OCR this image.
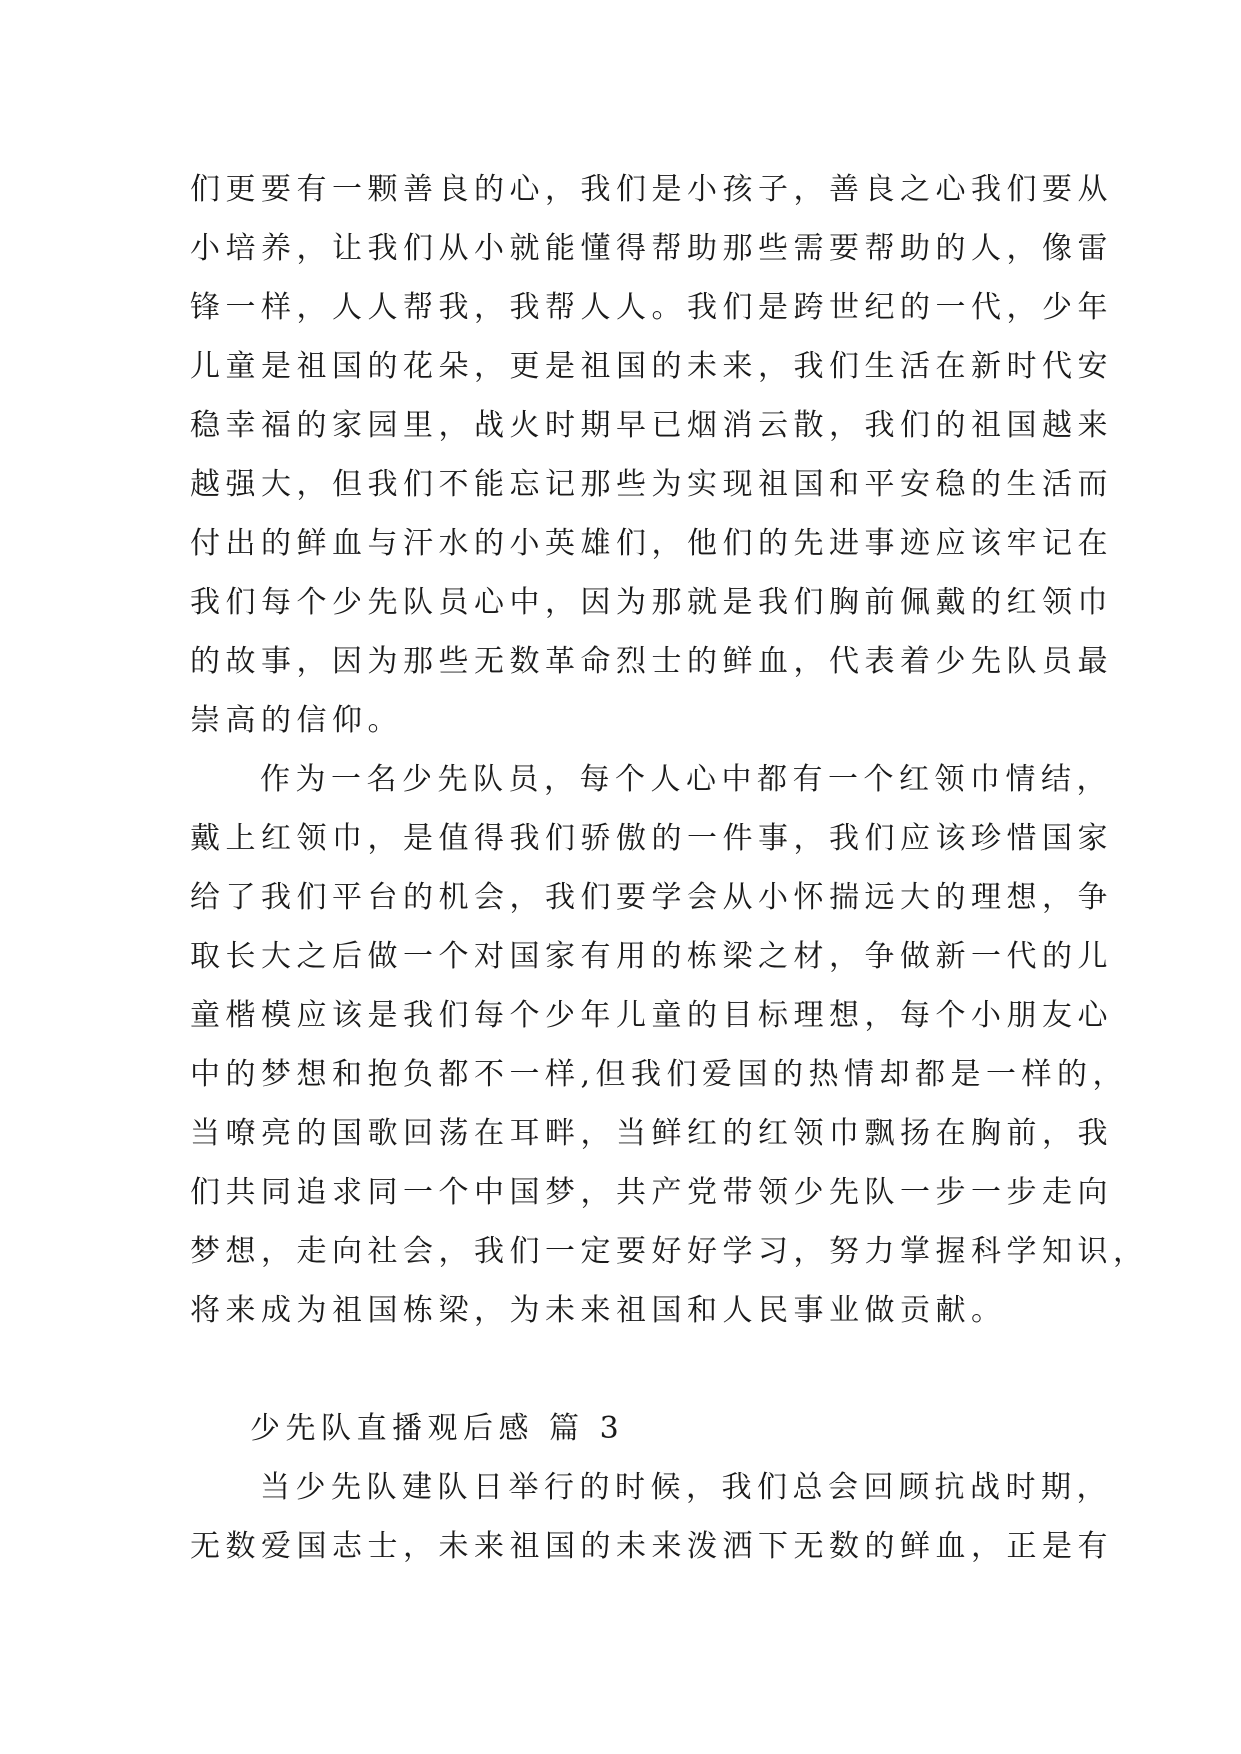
们更要有一颗善良的心，我们是小孩子，善良之心我们要从
小培养，让我们从小就能懂得帮助那些需要帮助的人，像雷
锋一样，人人帮我，我帮人人。我们是跨世纪的一代，少年
儿童是祖国的花朵，更是祖国的未来，我们生活在新时代安
稳幸福的家园里，战火时期早已烟消云散，我们的祖国越来
越强大，但我们不能忘记那些为实现祖国和平安稳的生活而
付出的鲜血与汗水的小英雄们，他们的先进事迹应该牢记在
我们每个少先队员心中，因为那就是我们胸前佩戴的红领巾
的故事，因为那些无数革命烈士的鲜血，代表着少先队员最
崇高的信仰。
作为一名少先队员，每个人心中都有一个红领巾情结，
戴上红领巾，是值得我们骄傲的一件事，我们应该珍惜国家
给了我们平台的机会，我们要学会从小怀揣远大的理想，争
取长大之后做一个对国家有用的栋梁之材，争做新一代的儿
童楷模应该是我们每个少年儿童的目标理想，每个小朋友心
中的梦想和抱负都不一样,但我们爱国的热情却都是一样的，
当嘹亮的国歌回荡在耳畔，当鲜红的红领巾飘扬在胸前，我
们共同追求同一个中国梦，共产党带领少先队一步一步走向
梦想，走向社会，我们一定要好好学习，努力掌握科学知识，
将来成为祖国栋梁，为未来祖国和人民事业做贡献。
少先队直播观后感 篇 3
当少先队建队日举行的时候，我们总会回顾抗战时期，
无数爱国志士，未来祖国的未来泼洒下无数的鲜血，正是有
